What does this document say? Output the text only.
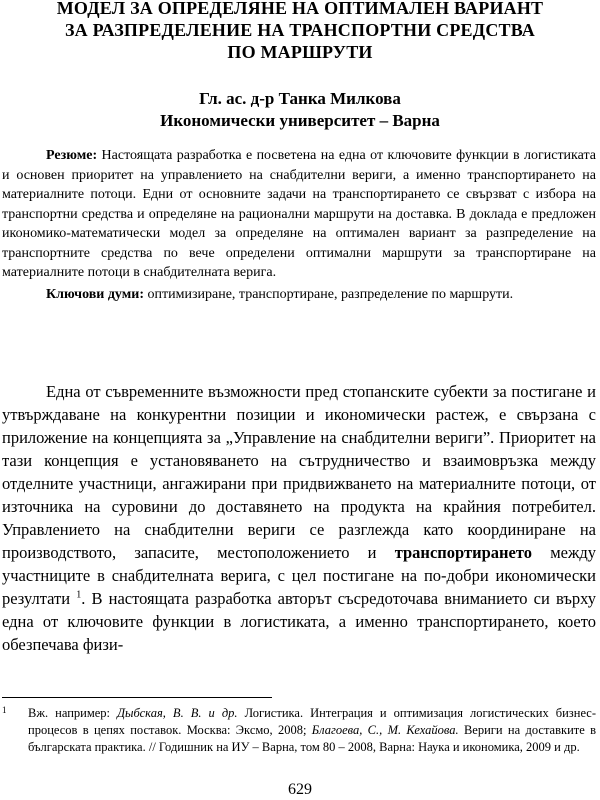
МОДЕЛ ЗА ОПРЕДЕЛЯНЕ НА ОПТИМАЛЕН ВАРИАНТ
ЗА РАЗПРЕДЕЛЕНИЕ НА ТРАНСПОРТНИ СРЕДСТВА
ПО МАРШРУТИ
Гл. ас. д-р Танка Милкова
Икономически университет – Варна

Резюме: Настоящата разработка е посветена на една от ключовите функции в логистиката и основен приоритет на управлението на снабдителни вериги, а именно транспортирането на материалните потоци. Едни от основните задачи на транспортирането се свързват с избора на транспортни средства и определяне на рационални маршрути на доставка. В доклада е предложен икономико-математически модел за определяне на оптимален вариант за разпределение на транспортните средства по вече определени оптимални маршрути за транспортиране на материалните потоци в снабдителната верига.

Ключови думи: оптимизиране, транспортиране, разпределение по маршрути.

Една от съвременните възможности пред стопанските субекти за постигане и утвърждаване на конкурентни позиции и икономически растеж, е свързана с приложение на концепцията за „Управление на снабдителни вериги”. Приоритет на тази концепция е установяването на сътрудничество и взаимовръзка между отделните участници, ангажирани при придвижването на материалните потоци, от източника на суровини до доставянето на продукта на крайния потребител. Управлението на снабдителни вериги се разглежда като координиране на производството, запасите, местоположението и транспортирането между участниците в снабдителната верига, с цел постигане на по-добри икономически резултати $^1$. В настоящата разработка авторът съсредоточава вниманието си върху една от ключовите функции в логистиката, а именно транспортирането, което обезпечава физи-

1 Вж. например: Дыбская, В. В. и др. Логистика. Интеграция и оптимизация логистических бизнес-процесов в цепях поставок. Москва: Эксмо, 2008; Благоева, С., М. Кехайова. Вериги на доставките в българската практика. // Годишник на ИУ – Варна, том 80 – 2008, Варна: Наука и икономика, 2009 и др.
629
